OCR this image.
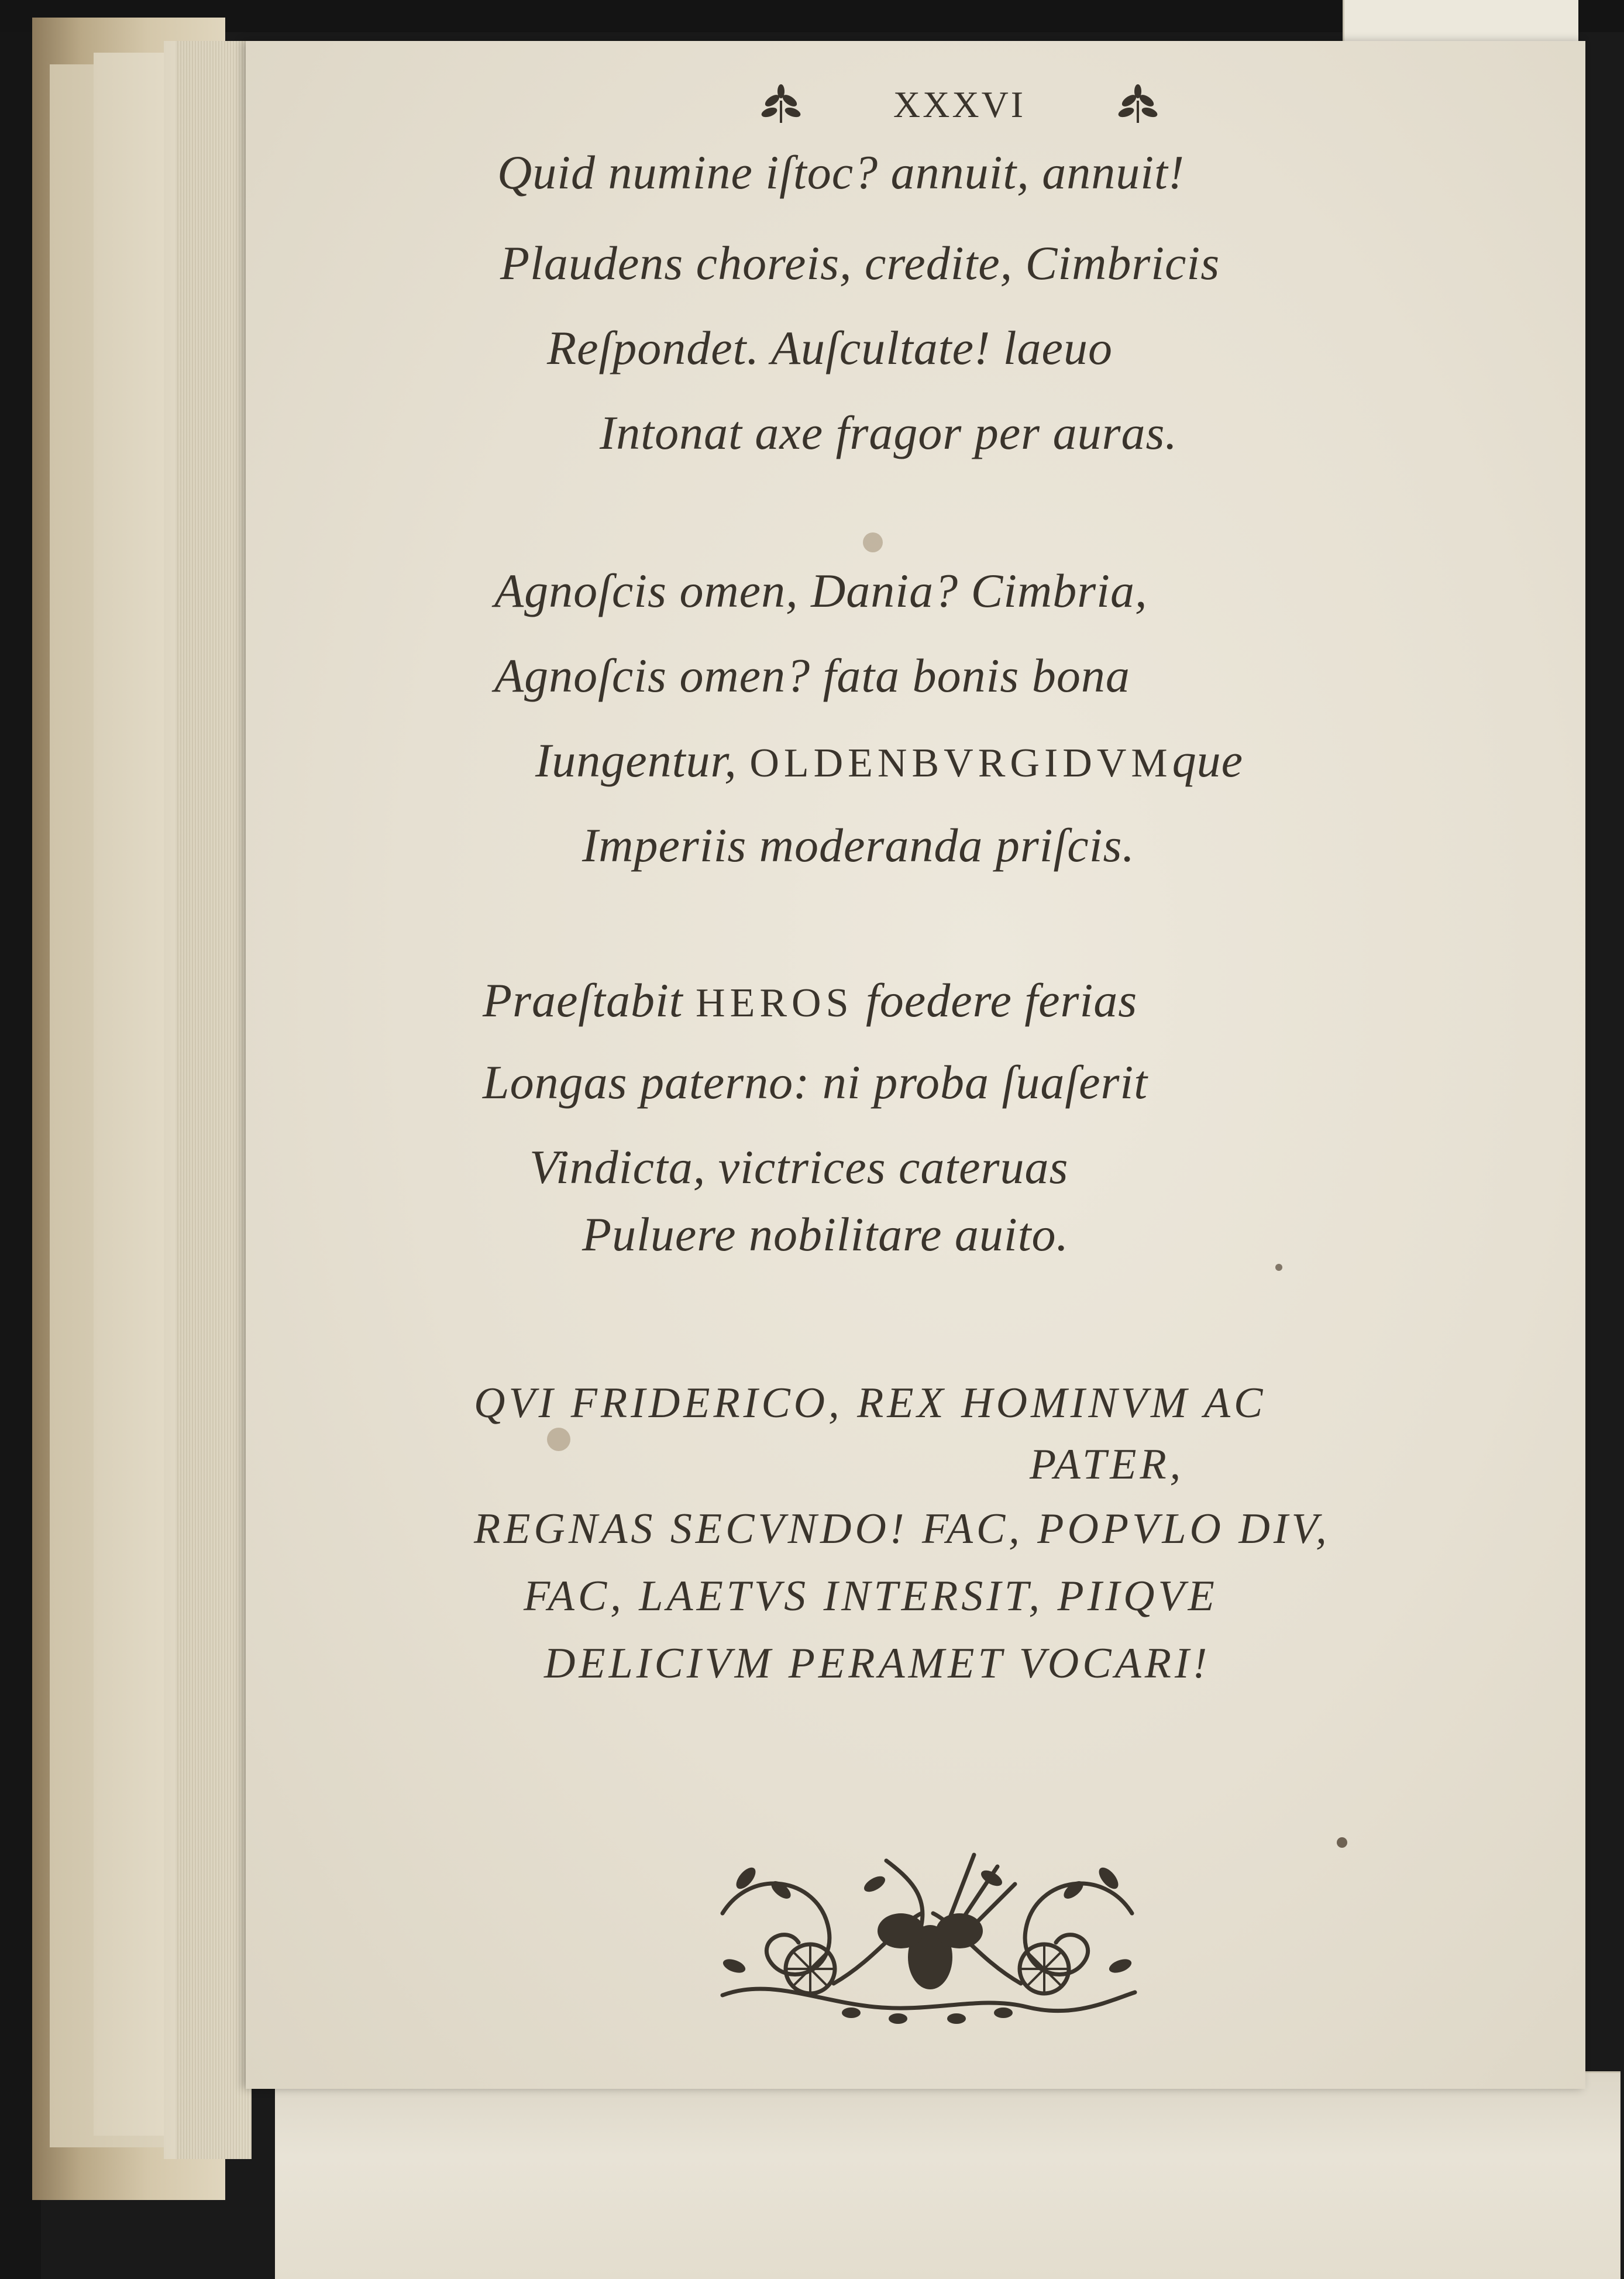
XXXVI
Quid numine iſtoc? annuit, annuit!
Plaudens choreis, credite, Cimbricis
Reſpondet. Auſcultate! laeuo
Intonat axe fragor per auras.
Agnoſcis omen, Dania? Cimbria,
Agnoſcis omen? fata bonis bona
Iungentur, OLDENBVRGIDVMque
Imperiis moderanda priſcis.
Praeſtabit HEROS foedere ferias
Longas paterno: ni proba ſuaſerit
Vindicta, victrices cateruas
Puluere nobilitare auito.
QVI FRIDERICO, REX HOMINVM AC
PATER,
REGNAS SECVNDO! FAC, POPVLO DIV,
FAC, LAETVS INTERSIT, PIIQVE
DELICIVM PERAMET VOCARI!
